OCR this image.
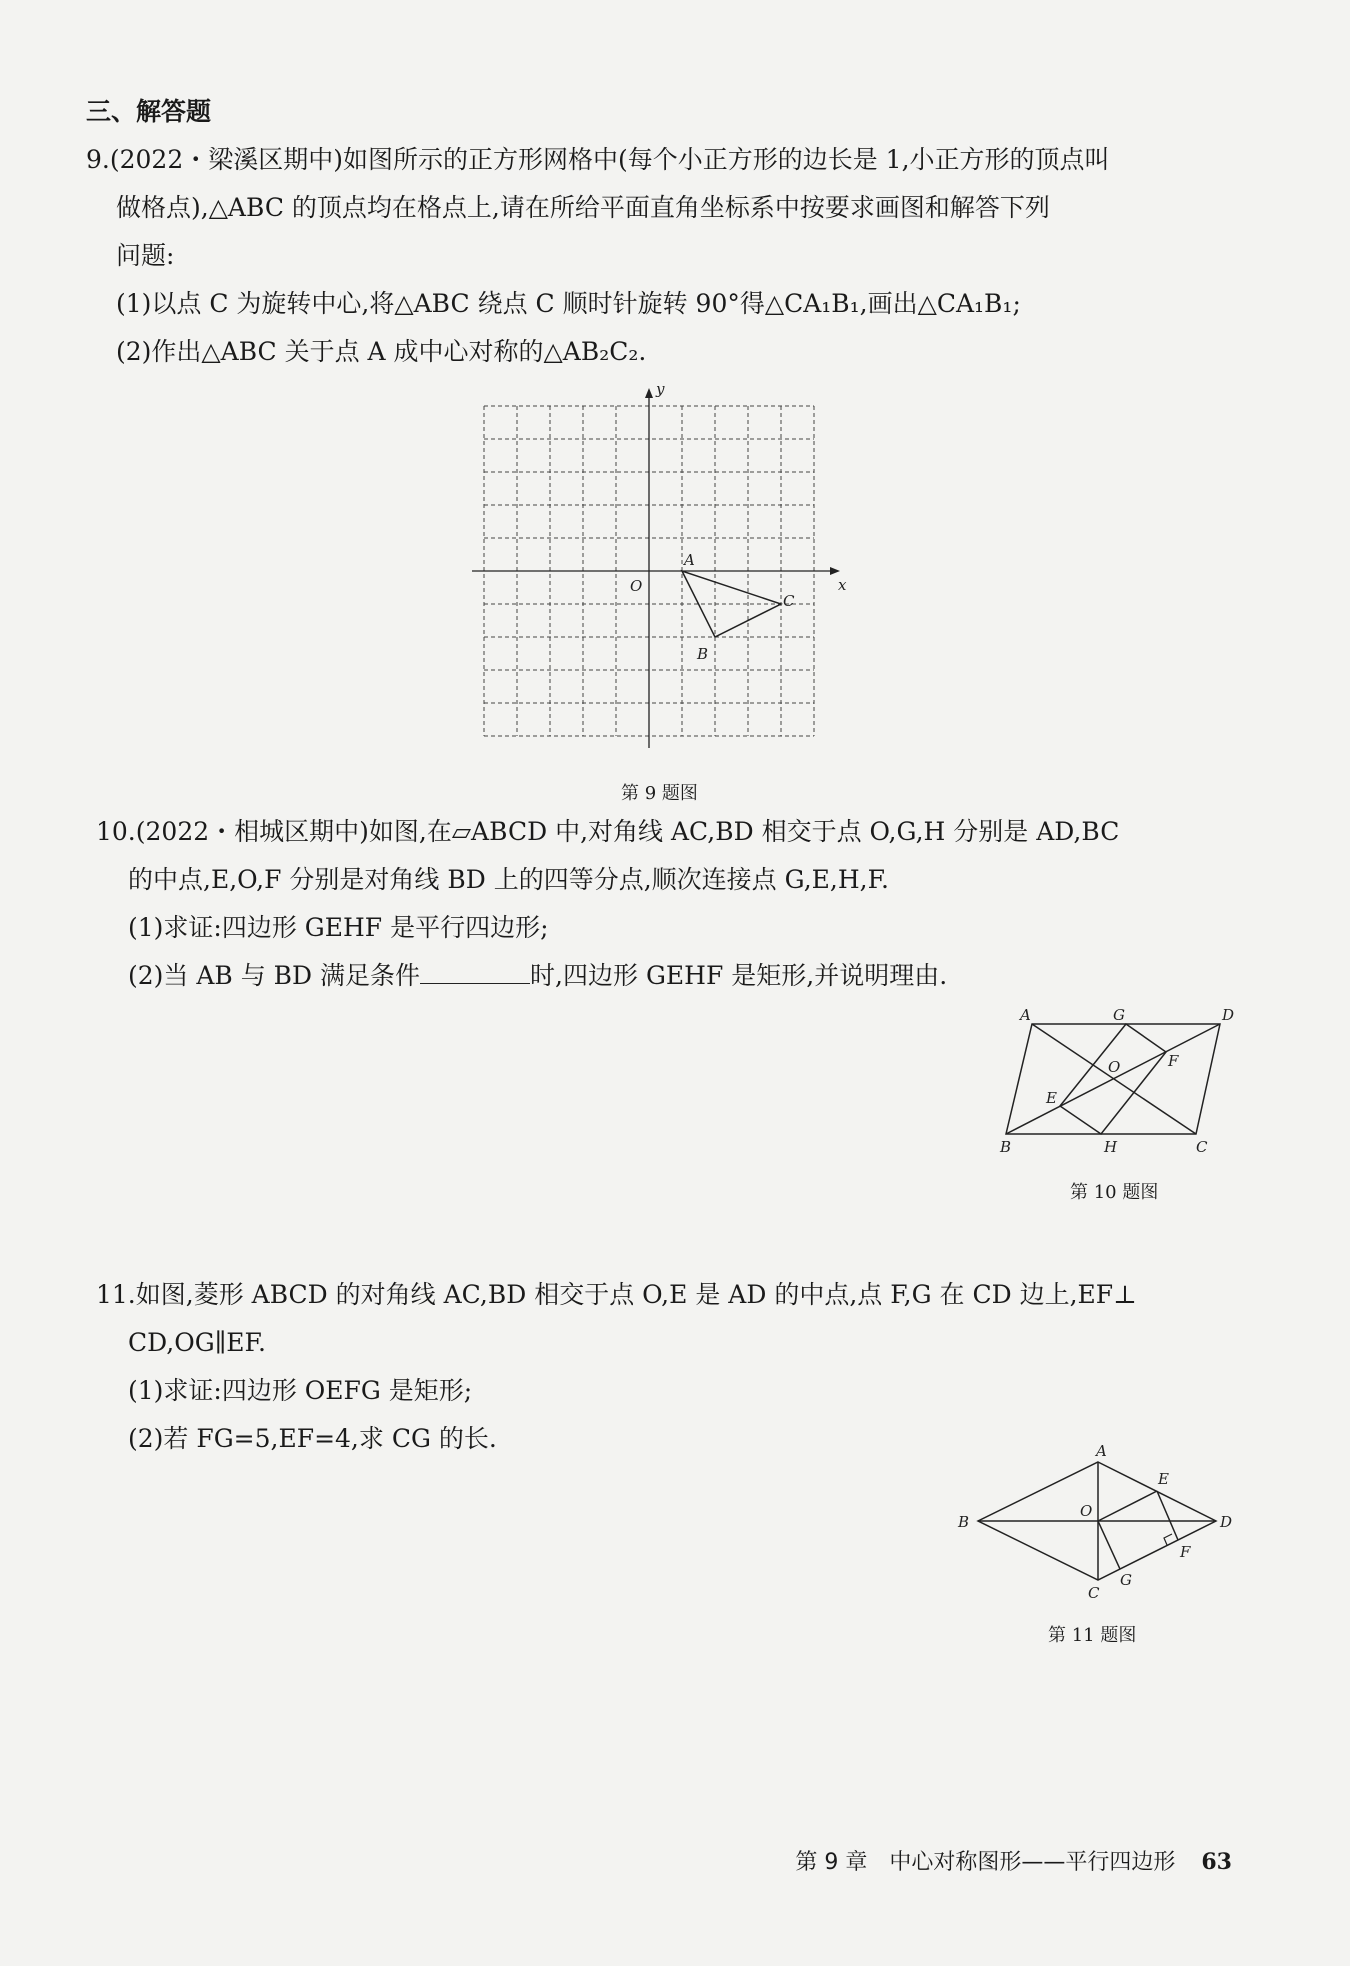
三、解答题
9.(2022・梁溪区期中)如图所示的正方形网格中(每个小正方形的边长是 1,小正方形的顶点叫
做格点),△ABC 的顶点均在格点上,请在所给平面直角坐标系中按要求画图和解答下列
问题:
(1)以点 C 为旋转中心,将△ABC 绕点 C 顺时针旋转 90°得△CA₁B₁,画出△CA₁B₁;
(2)作出△ABC 关于点 A 成中心对称的△AB₂C₂.
x
y
O
A
B
C
第 9 题图
10.(2022・相城区期中)如图,在▱ABCD 中,对角线 AC,BD 相交于点 O,G,H 分别是 AD,BC
的中点,E,O,F 分别是对角线 BD 上的四等分点,顺次连接点 G,E,H,F.
(1)求证:四边形 GEHF 是平行四边形;
(2)当 AB 与 BD 满足条件	时,四边形 GEHF 是矩形,并说明理由.
A	G	D
O	F
E
B	H	C
第 10 题图
11.如图,菱形 ABCD 的对角线 AC,BD 相交于点 O,E 是 AD 的中点,点 F,G 在 CD 边上,EF⊥
CD,OG∥EF.
(1)求证:四边形 OEFG 是矩形;
(2)若 FG=5,EF=4,求 CG 的长.	A
E
B
O
D
F
G
C
第 11 题图
第 9 章　中心对称图形——平行四边形 63
